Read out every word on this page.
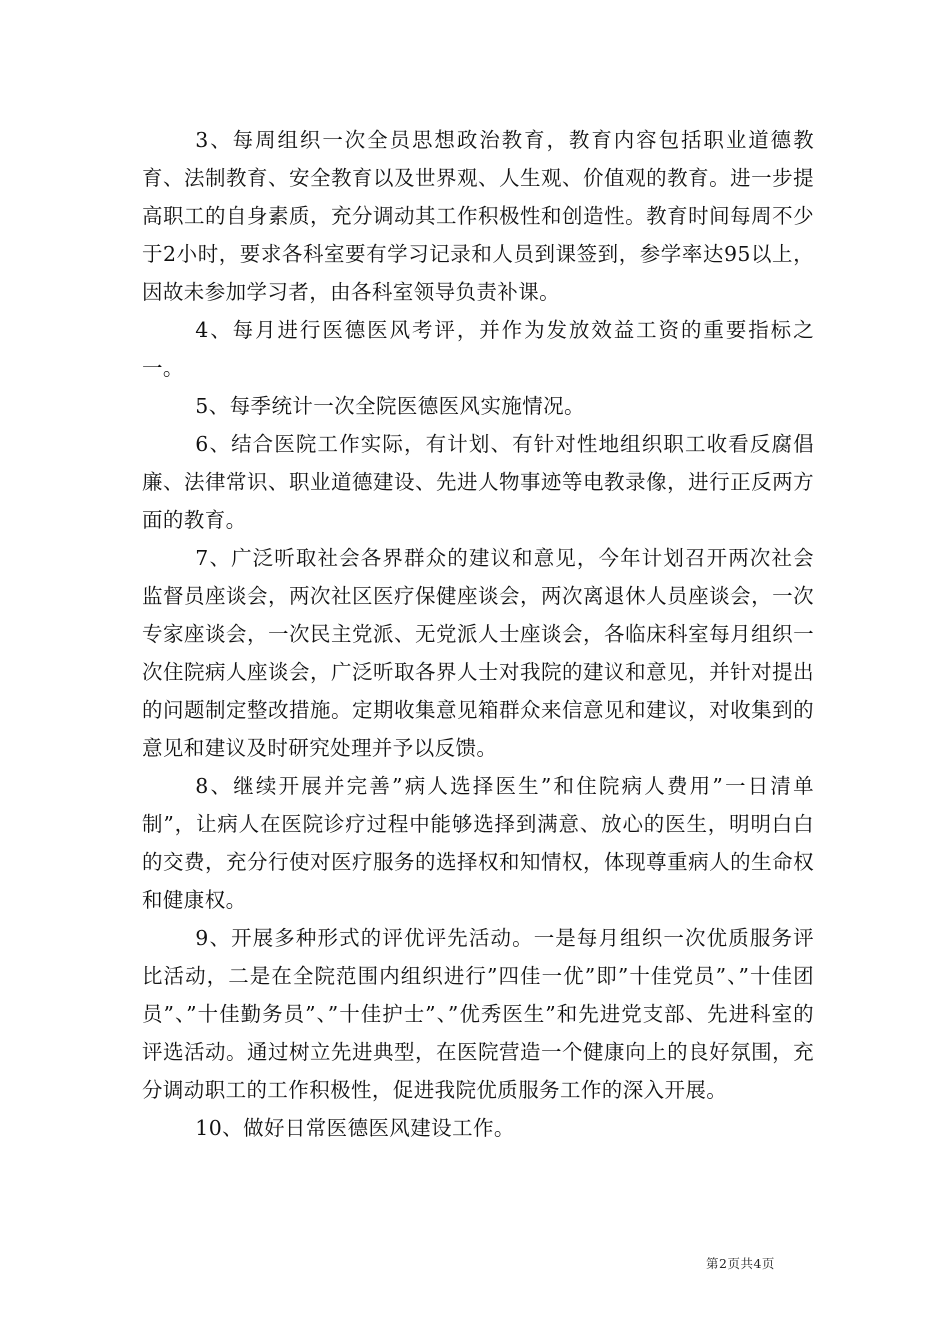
3、每周组织一次全员思想政治教育，教育内容包括职业道德教育、法制教育、安全教育以及世界观、人生观、价值观的教育。进一步提高职工的自身素质，充分调动其工作积极性和创造性。教育时间每周不少于2小时，要求各科室要有学习记录和人员到课签到，参学率达95以上，因故未参加学习者，由各科室领导负责补课。

4、每月进行医德医风考评，并作为发放效益工资的重要指标之一。

5、每季统计一次全院医德医风实施情况。

6、结合医院工作实际，有计划、有针对性地组织职工收看反腐倡廉、法律常识、职业道德建设、先进人物事迹等电教录像，进行正反两方面的教育。

7、广泛听取社会各界群众的建议和意见，今年计划召开两次社会监督员座谈会，两次社区医疗保健座谈会，两次离退休人员座谈会，一次专家座谈会，一次民主党派、无党派人士座谈会，各临床科室每月组织一次住院病人座谈会，广泛听取各界人士对我院的建议和意见，并针对提出的问题制定整改措施。定期收集意见箱群众来信意见和建议，对收集到的意见和建议及时研究处理并予以反馈。

8、继续开展并完善”病人选择医生”和住院病人费用”一日清单制”，让病人在医院诊疗过程中能够选择到满意、放心的医生，明明白白的交费，充分行使对医疗服务的选择权和知情权，体现尊重病人的生命权和健康权。

9、开展多种形式的评优评先活动。一是每月组织一次优质服务评比活动，二是在全院范围内组织进行”四佳一优”即”十佳党员”、”十佳团员”、”十佳勤务员”、”十佳护士”、”优秀医生”和先进党支部、先进科室的评选活动。通过树立先进典型，在医院营造一个健康向上的良好氛围，充分调动职工的工作积极性，促进我院优质服务工作的深入开展。

10、做好日常医德医风建设工作。

第2页共4页
